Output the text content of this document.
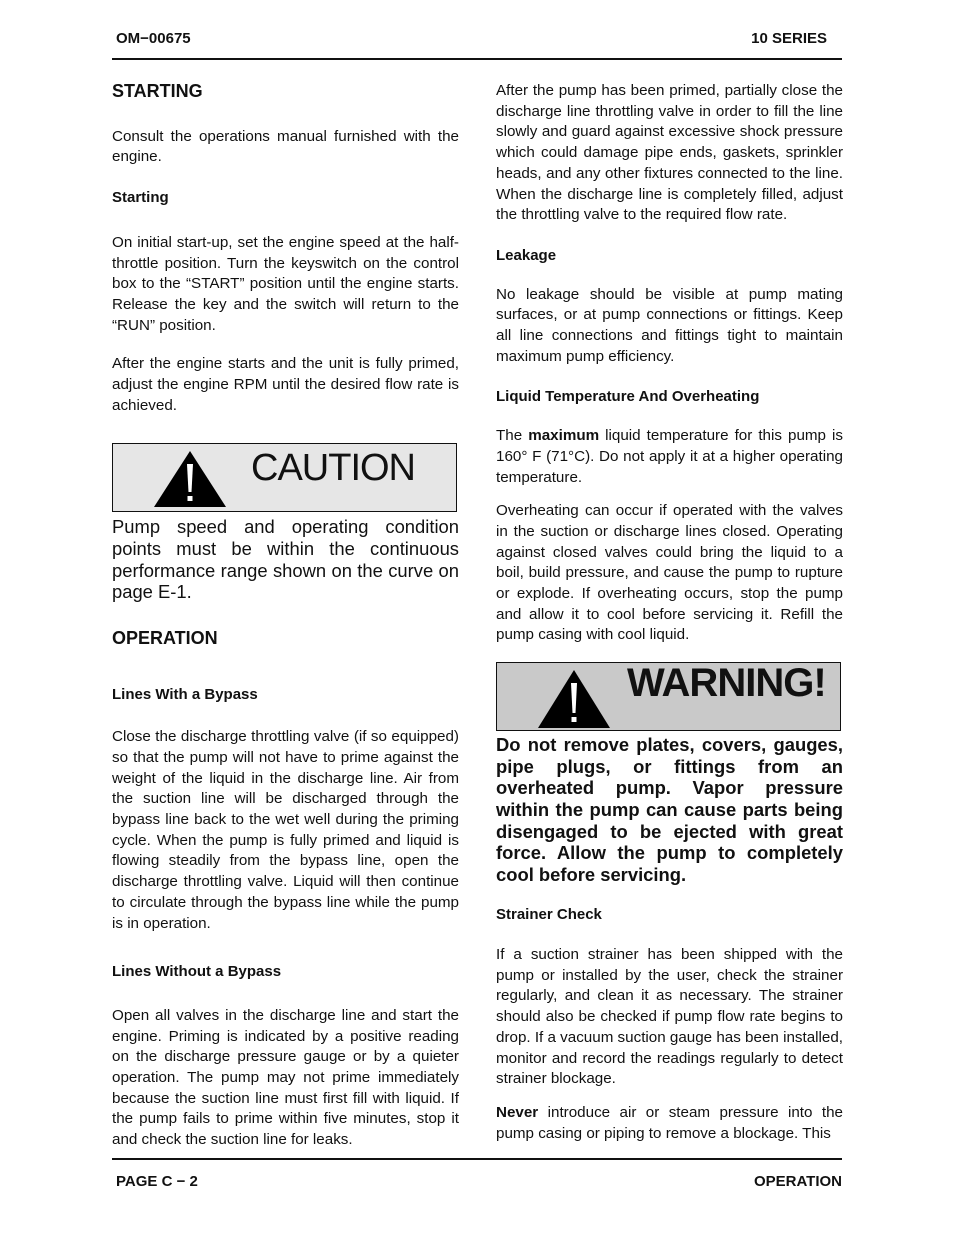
OM−00675	10 SERIES
STARTING

Consult the operations manual furnished with the engine.

Starting

On initial start-up, set the engine speed at the half-throttle position. Turn the keyswitch on the control box to the “START” position until the engine starts. Release the key and the switch will return to the “RUN” position.

After the engine starts and the unit is fully primed, adjust the engine RPM until the desired flow rate is achieved.

CAUTION

Pump speed and operating condition points must be within the continuous performance range shown on the curve on page E-1.

OPERATION
Lines With a Bypass

Close the discharge throttling valve (if so equipped) so that the pump will not have to prime against the weight of the liquid in the discharge line. Air from the suction line will be discharged through the bypass line back to the wet well during the priming cycle. When the pump is fully primed and liquid is flowing steadily from the bypass line, open the discharge throttling valve. Liquid will then continue to circulate through the bypass line while the pump is in operation.

Lines Without a Bypass

Open all valves in the discharge line and start the engine. Priming is indicated by a positive reading on the discharge pressure gauge or by a quieter operation. The pump may not prime immediately because the suction line must first fill with liquid. If the pump fails to prime within five minutes, stop it and check the suction line for leaks.

After the pump has been primed, partially close the discharge line throttling valve in order to fill the line slowly and guard against excessive shock pressure which could damage pipe ends, gaskets, sprinkler heads, and any other fixtures connected to the line. When the discharge line is completely filled, adjust the throttling valve to the required flow rate.

Leakage

No leakage should be visible at pump mating surfaces, or at pump connections or fittings. Keep all line connections and fittings tight to maintain maximum pump efficiency.

Liquid Temperature And Overheating

The maximum liquid temperature for this pump is 160° F (71°C). Do not apply it at a higher operating temperature.

Overheating can occur if operated with the valves in the suction or discharge lines closed. Operating against closed valves could bring the liquid to a boil, build pressure, and cause the pump to rupture or explode. If overheating occurs, stop the pump and allow it to cool before servicing it. Refill the pump casing with cool liquid.

WARNING!

Do not remove plates, covers, gauges, pipe plugs, or fittings from an overheated pump. Vapor pressure within the pump can cause parts being disengaged to be ejected with great force. Allow the pump to completely cool before servicing.

Strainer Check

If a suction strainer has been shipped with the pump or installed by the user, check the strainer regularly, and clean it as necessary. The strainer should also be checked if pump flow rate begins to drop. If a vacuum suction gauge has been installed, monitor and record the readings regularly to detect strainer blockage.

Never introduce air or steam pressure into the pump casing or piping to remove a blockage. This

PAGE C − 2	OPERATION
